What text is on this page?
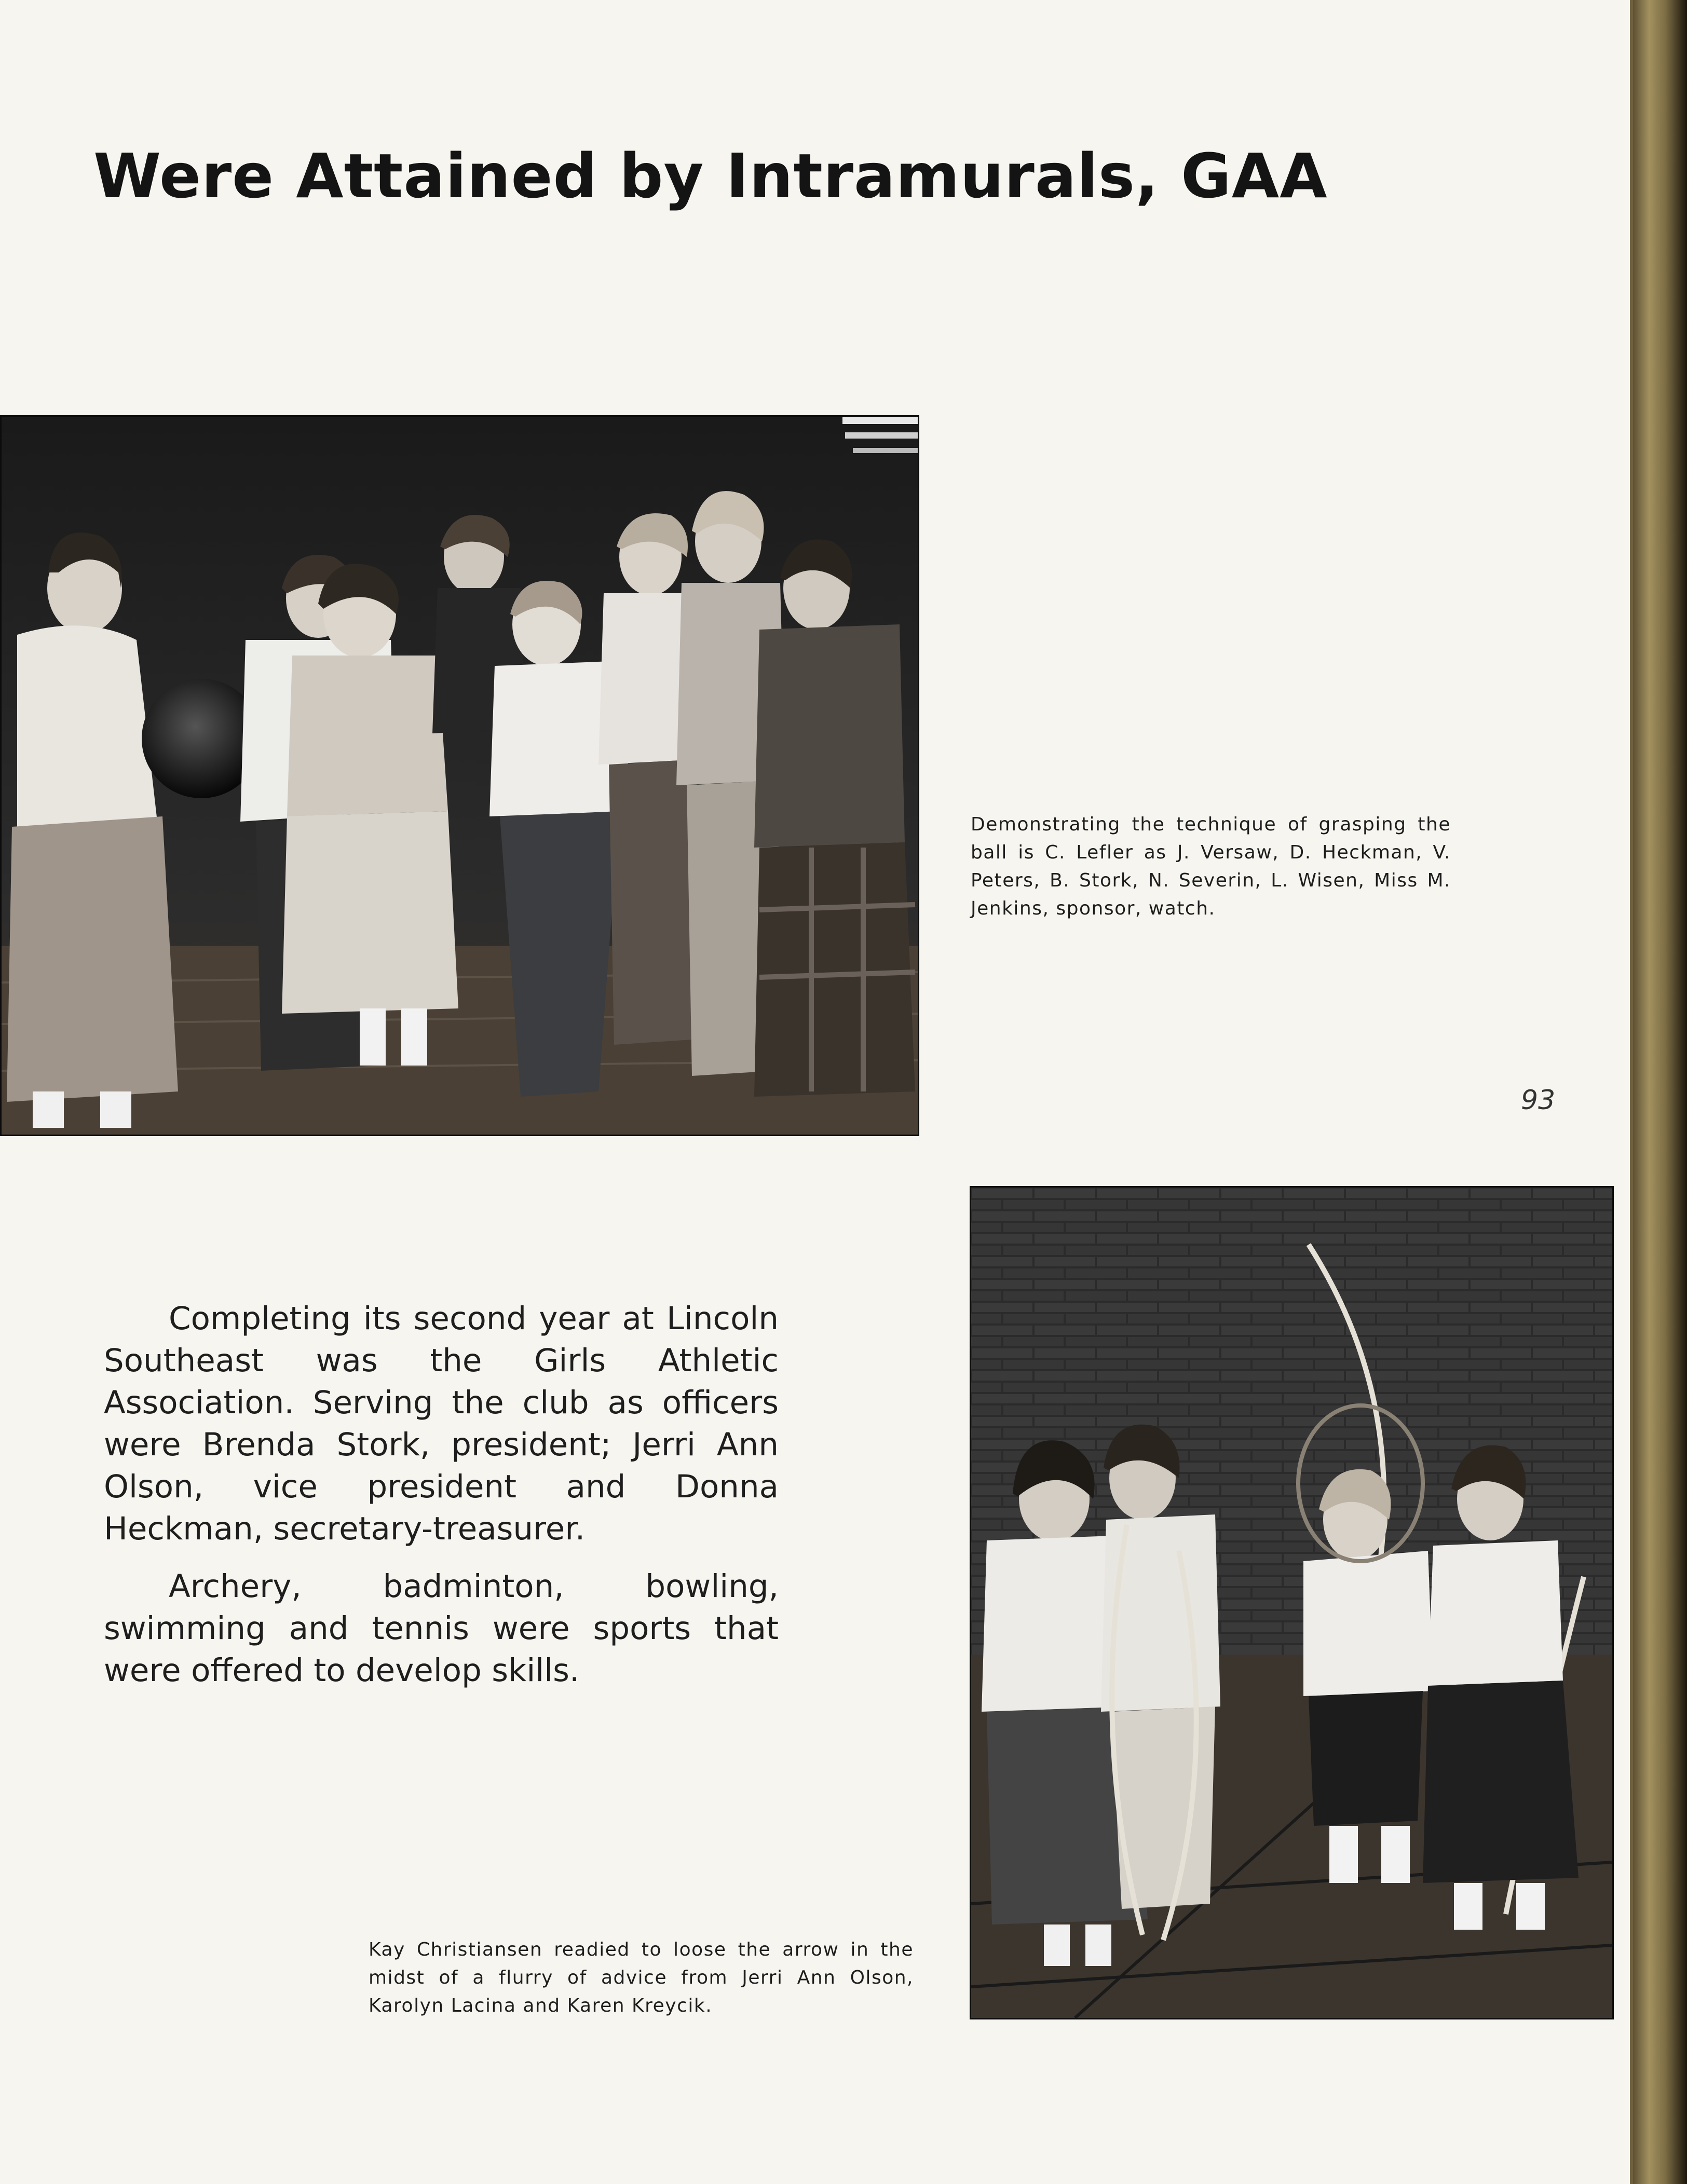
Were Attained by Intramurals, GAA

Demonstrating the technique of grasping the ball is C. Lefler as J. Versaw, D. Heckman, V. Peters, B. Stork, N. Severin, L. Wisen, Miss M. Jenkins, sponsor, watch.

93

Kay Christiansen readied to loose the arrow in the midst of a flurry of advice from Jerri Ann Olson, Karolyn Lacina and Karen Kreycik.

Completing its second year at Lincoln Southeast was the Girls Athletic Association. Serving the club as officers were Brenda Stork, president; Jerri Ann Olson, vice president and Donna Heckman, secretary-treasurer.

Archery, badminton, bowling, swimming and tennis were sports that were offered to develop skills.
